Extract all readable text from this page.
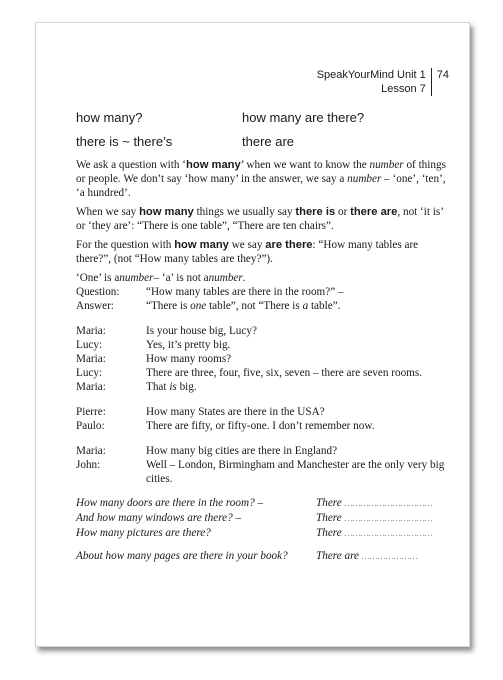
SpeakYourMind Unit 1
Lesson 7
74
how many?	how many are there?
there is ~ there’s	there are

We ask a question with ‘how many’ when we want to know the number of things or people. We don’t say ‘how many’ in the answer, we say a number – ‘one’, ‘ten’, ‘a hundred’.

When we say how many things we usually say there is or there are, not ‘it is’ or ‘they are’: “There is one table”, “There are ten chairs”.

For the question with how many we say are there: “How many tables are there?”, (not “How many tables are they?”).

‘One’ is a number – ‘a’ is not a number .
Question:	“How many tables are there in the room?” –
Answer:	“There is one table”, not “There is a table”.
Maria:	Is your house big, Lucy?
Lucy:	Yes, it’s pretty big.
Maria:	How many rooms?
Lucy:	There are three, four, five, six, seven – there are seven rooms.
Maria:	That is big.
Pierre:	How many States are there in the USA?
Paulo:	There are fifty, or fifty-one. I don’t remember now.
Maria:	How many big cities are there in England?
John:	Well – London, Birmingham and Manchester are the only very big cities.
How many doors are there in the room? –	There ……………………………
And how many windows are there? –	There ……………………………
How many pictures are there?	There ……………………………
About how many pages are there in your book?	There are …………………
